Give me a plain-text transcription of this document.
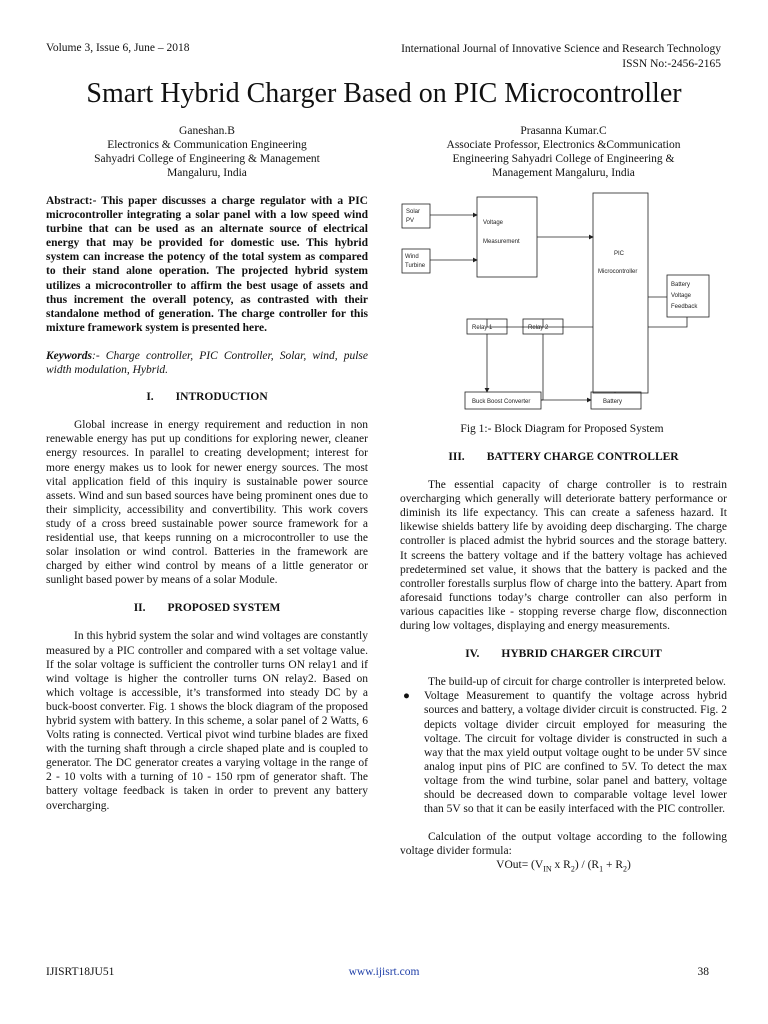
Volume 3, Issue 6, June – 2018	International Journal of Innovative Science and Research Technology
ISSN No:-2456-2165
Smart Hybrid Charger Based on PIC Microcontroller
Ganeshan.B
Electronics & Communication Engineering
Sahyadri College of Engineering & Management
Mangaluru, India
Prasanna Kumar.C
Associate Professor, Electronics &Communication
Engineering Sahyadri College of Engineering &
Management Mangaluru, India

Abstract:- This paper discusses a charge regulator with a PIC microcontroller integrating a solar panel with a low speed wind turbine that can be used as an alternate source of electrical energy that may be provided for domestic use. This hybrid system can increase the potency of the total system as compared to their stand alone operation. The projected hybrid system utilizes a microcontroller to affirm the best usage of assets and thus increment the overall potency, as contrasted with their standalone method of generation. The charge controller for this mixture framework system is presented here.

Keywords:- Charge controller, PIC Controller, Solar, wind, pulse width modulation, Hybrid.

I. INTRODUCTION

Global increase in energy requirement and reduction in non renewable energy has put up conditions for exploring newer, cleaner energy resources. In parallel to creating development; interest for more energy makes us to look for newer energy sources. The most vital application field of this inquiry is sustainable power source assets. Wind and sun based sources have being prominent ones due to their simplicity, accessibility and convertibility. This work covers study of a cross breed sustainable power source framework for a residential use, that keeps running on a microcontroller to use the solar insolation or wind control. Batteries in the framework are charged by either wind control by means of a little generator or sunlight based power by means of a solar Module.

II. PROPOSED SYSTEM

In this hybrid system the solar and wind voltages are constantly measured by a PIC controller and compared with a set voltage value. If the solar voltage is sufficient the controller turns ON relay1 and if wind voltage is higher the controller turns ON relay2. Based on which voltage is accessible, it’s transformed into steady DC by a buck-boost converter. Fig. 1 shows the block diagram of the proposed hybrid system with battery. In this scheme, a solar panel of 2 Watts, 6 Volts rating is connected. Vertical pivot wind turbine blades are fixed with the turning shaft through a circle shaped plate and is coupled to generator. The DC generator creates a varying voltage in the range of 2 - 10 volts with a turning of 10 - 150 rpm of generator shaft. The battery voltage feedback is taken in order to prevent any battery overcharging.

Solar
PV
Wind
Turbine
Voltage
Measurement
PIC
Microcontroller
Battery
Voltage
Feedback
Relay 1	Relay 2
Buck Boost Converter	Battery
Fig 1:- Block Diagram for Proposed System

III. BATTERY CHARGE CONTROLLER

The essential capacity of charge controller is to restrain overcharging which generally will deteriorate battery performance or diminish its life expectancy. This can create a safeness hazard. It likewise shields battery life by avoiding deep discharging. The charge controller is placed admist the hybrid sources and the storage battery. It screens the battery voltage and if the battery voltage has achieved predetermined set value, it shows that the battery is packed and the controller forestalls surplus flow of charge into the battery. Apart from aforesaid functions today’s charge controller can also perform in various capacities like - stopping reverse charge flow, disconnection during low voltages, displaying and energy measurements.

IV. HYBRID CHARGER CIRCUIT

The build-up of circuit for charge controller is interpreted below.

● Voltage Measurement to quantify the voltage across hybrid sources and battery, a voltage divider circuit is constructed. Fig. 2 depicts voltage divider circuit employed for measuring the voltage. The circuit for voltage divider is constructed in such a way that the max yield output voltage ought to be under 5V since analog input pins of PIC are confined to 5V. To detect the max voltage from the wind turbine, solar panel and battery, voltage should be decreased down to comparable voltage level lower than 5V so that it can be easily interfaced with the PIC controller.

Calculation of the output voltage according to the following voltage divider formula:

VOut= ($V_{IN}$ x $R_2) / (R_1 + R_2)$

IJISRT18JU51	www.ijisrt.com	38
